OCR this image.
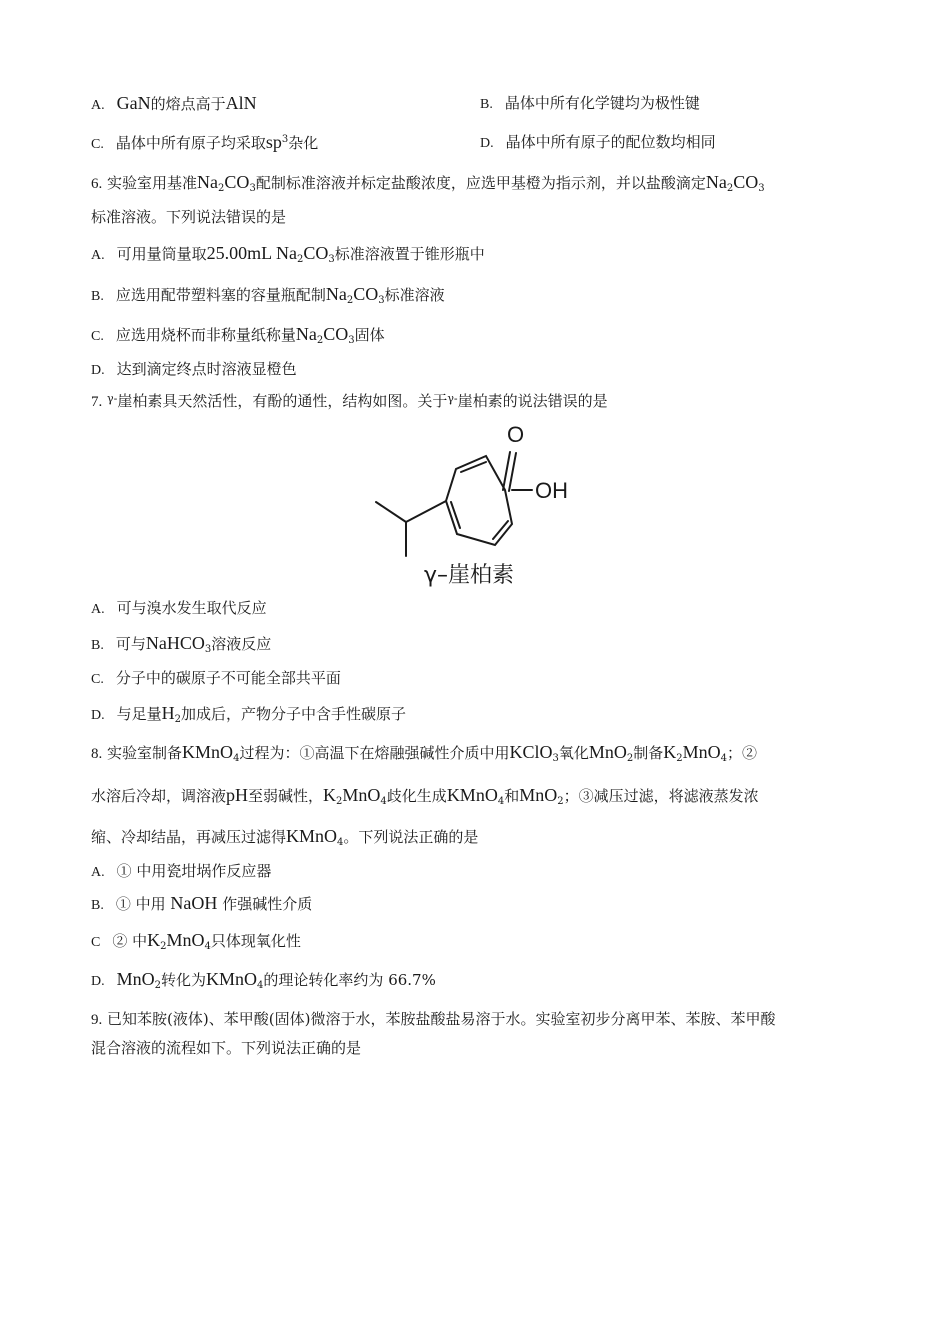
A. GaN的熔点高于AlN	B. 晶体中所有化学键均为极性键
C. 晶体中所有原子均采取$sp^3$杂化	D. 晶体中所有原子的配位数均相同
6. 实验室用基准$Na_2CO_3$配制标准溶液并标定盐酸浓度，应选甲基橙为指示剂，并以盐酸滴定$Na_2CO_3$
标准溶液。下列说法错误的是
A. 可用量筒量取25.00mL $Na_2CO_3$标准溶液置于锥形瓶中
B. 应选用配带塑料塞的容量瓶配制$Na_2CO_3$标准溶液
C. 应选用烧杯而非称量纸称量$Na_2CO_3$固体
D. 达到滴定终点时溶液显橙色
7. $^{\gamma-}$崖柏素具天然活性，有酚的通性，结构如图。关于$^{\gamma-}$崖柏素的说法错误的是
O
OH
γ–崖柏素
A. 可与溴水发生取代反应
B. 可与NaHCO$_3$溶液反应
C. 分子中的碳原子不可能全部共平面
D. 与足量$H_2$加成后，产物分子中含手性碳原子
8. 实验室制备KMnO$_4$过程为：①高温下在熔融强碱性介质中用KClO$_3$氧化MnO$_2$制备$K_2MnO_4$；②
水溶后冷却，调溶液pH至弱碱性，$K_2MnO_4$歧化生成KMnO$_4$和MnO$_2$；③减压过滤，将滤液蒸发浓
缩、冷却结晶，再减压过滤得KMnO$_4$。下列说法正确的是
A. ① 中用瓷坩埚作反应器
B. ① 中用 NaOH 作强碱性介质
C ② 中$K_2MnO_4$只体现氧化性
D. MnO$_2$转化为KMnO$_4$的理论转化率约为 66.7%
9. 已知苯胺(液体)、苯甲酸(固体)微溶于水，苯胺盐酸盐易溶于水。实验室初步分离甲苯、苯胺、苯甲酸
混合溶液的流程如下。下列说法正确的是
